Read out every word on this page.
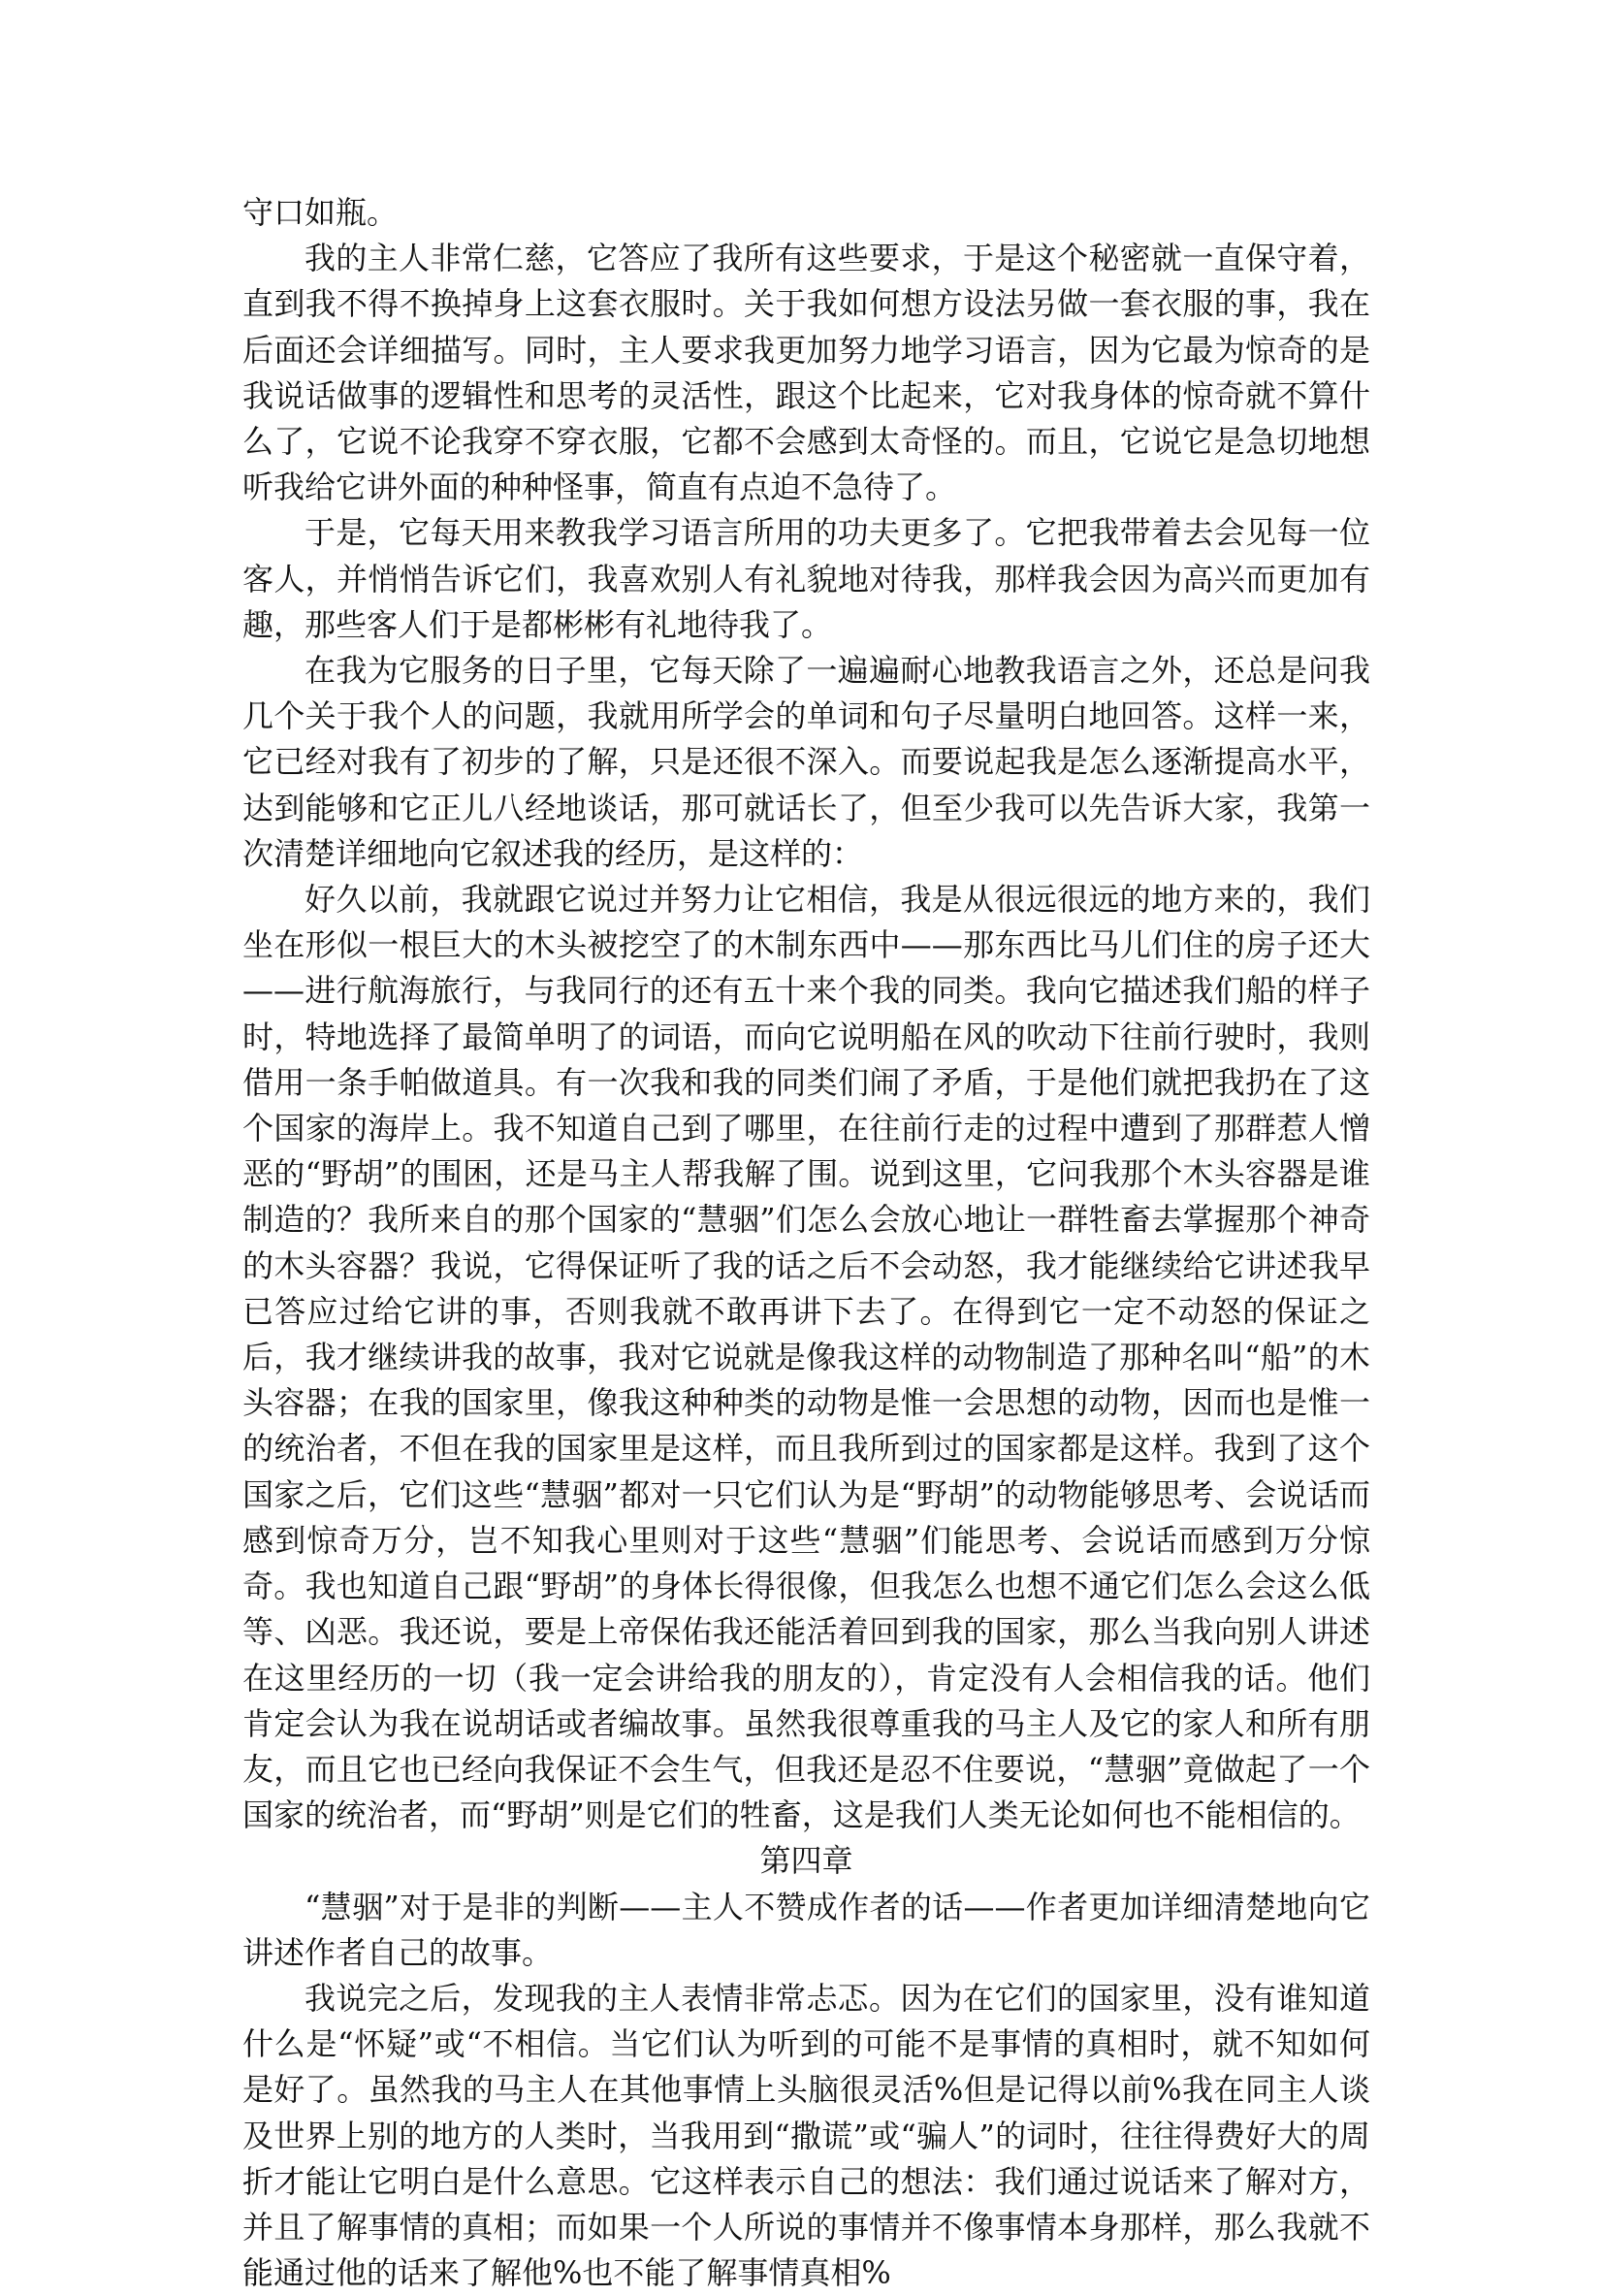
守口如瓶。

我的主人非常仁慈，它答应了我所有这些要求，于是这个秘密就一直保守着，直到我不得不换掉身上这套衣服时。关于我如何想方设法另做一套衣服的事，我在后面还会详细描写。同时，主人要求我更加努力地学习语言，因为它最为惊奇的是我说话做事的逻辑性和思考的灵活性，跟这个比起来，它对我身体的惊奇就不算什么了，它说不论我穿不穿衣服，它都不会感到太奇怪的。而且，它说它是急切地想听我给它讲外面的种种怪事，简直有点迫不急待了。

于是，它每天用来教我学习语言所用的功夫更多了。它把我带着去会见每一位客人，并悄悄告诉它们，我喜欢别人有礼貌地对待我，那样我会因为高兴而更加有趣，那些客人们于是都彬彬有礼地待我了。

在我为它服务的日子里，它每天除了一遍遍耐心地教我语言之外，还总是问我几个关于我个人的问题，我就用所学会的单词和句子尽量明白地回答。这样一来，它已经对我有了初步的了解，只是还很不深入。而要说起我是怎么逐渐提高水平，达到能够和它正儿八经地谈话，那可就话长了，但至少我可以先告诉大家，我第一次清楚详细地向它叙述我的经历，是这样的：

好久以前，我就跟它说过并努力让它相信，我是从很远很远的地方来的，我们坐在形似一根巨大的木头被挖空了的木制东西中——那东西比马儿们住的房子还大——进行航海旅行，与我同行的还有五十来个我的同类。我向它描述我们船的样子时，特地选择了最简单明了的词语，而向它说明船在风的吹动下往前行驶时，我则借用一条手帕做道具。有一次我和我的同类们闹了矛盾，于是他们就把我扔在了这个国家的海岸上。我不知道自己到了哪里，在往前行走的过程中遭到了那群惹人憎恶的“野胡”的围困，还是马主人帮我解了围。说到这里，它问我那个木头容器是谁制造的？我所来自的那个国家的“慧骃”们怎么会放心地让一群牲畜去掌握那个神奇的木头容器？我说，它得保证听了我的话之后不会动怒，我才能继续给它讲述我早已答应过给它讲的事，否则我就不敢再讲下去了。在得到它一定不动怒的保证之后，我才继续讲我的故事，我对它说就是像我这样的动物制造了那种名叫“船”的木头容器；在我的国家里，像我这种种类的动物是惟一会思想的动物，因而也是惟一的统治者，不但在我的国家里是这样，而且我所到过的国家都是这样。我到了这个国家之后，它们这些“慧骃”都对一只它们认为是“野胡”的动物能够思考、会说话而感到惊奇万分，岂不知我心里则对于这些“慧骃”们能思考、会说话而感到万分惊奇。我也知道自己跟“野胡”的身体长得很像，但我怎么也想不通它们怎么会这么低等、凶恶。我还说，要是上帝保佑我还能活着回到我的国家，那么当我向别人讲述在这里经历的一切（我一定会讲给我的朋友的），肯定没有人会相信我的话。他们肯定会认为我在说胡话或者编故事。虽然我很尊重我的马主人及它的家人和所有朋友，而且它也已经向我保证不会生气，但我还是忍不住要说，“慧骃”竟做起了一个国家的统治者，而“野胡”则是它们的牲畜，这是我们人类无论如何也不能相信的。

第四章

“慧骃”对于是非的判断——主人不赞成作者的话——作者更加详细清楚地向它讲述作者自己的故事。

我说完之后，发现我的主人表情非常忐忑。因为在它们的国家里，没有谁知道什么是“怀疑”或“不相信。当它们认为听到的可能不是事情的真相时，就不知如何是好了。虽然我的马主人在其他事情上头脑很灵活%但是记得以前%我在同主人谈及世界上别的地方的人类时，当我用到“撒谎”或“骗人”的词时，往往得费好大的周折才能让它明白是什么意思。它这样表示自己的想法：我们通过说话来了解对方，并且了解事情的真相；而如果一个人所说的事情并不像事情本身那样，那么我就不能通过他的话来了解他%也不能了解事情真相%
